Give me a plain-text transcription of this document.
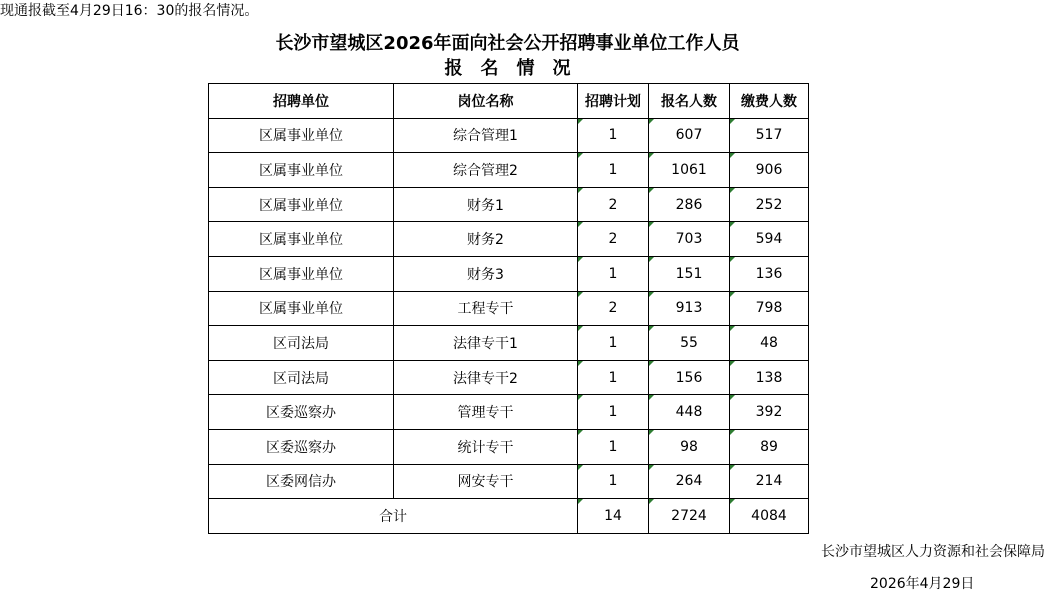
现通报截至4月29日16：30的报名情况。
长沙市望城区2026年面向社会公开招聘事业单位工作人员
报名情况
招聘单位	岗位名称	招聘计划	报名人数	缴费人数
区属事业单位	综合管理1	1	607	517
区属事业单位	综合管理2	1	1061	906
区属事业单位	财务1	2	286	252
区属事业单位	财务2	2	703	594
区属事业单位	财务3	1	151	136
区属事业单位	工程专干	2	913	798
区司法局	法律专干1	1	55	48
区司法局	法律专干2	1	156	138
区委巡察办	管理专干	1	448	392
区委巡察办	统计专干	1	98	89
区委网信办	网安专干	1	264	214
合计		14	2724	4084
长沙市望城区人力资源和社会保障局
2026年4月29日
